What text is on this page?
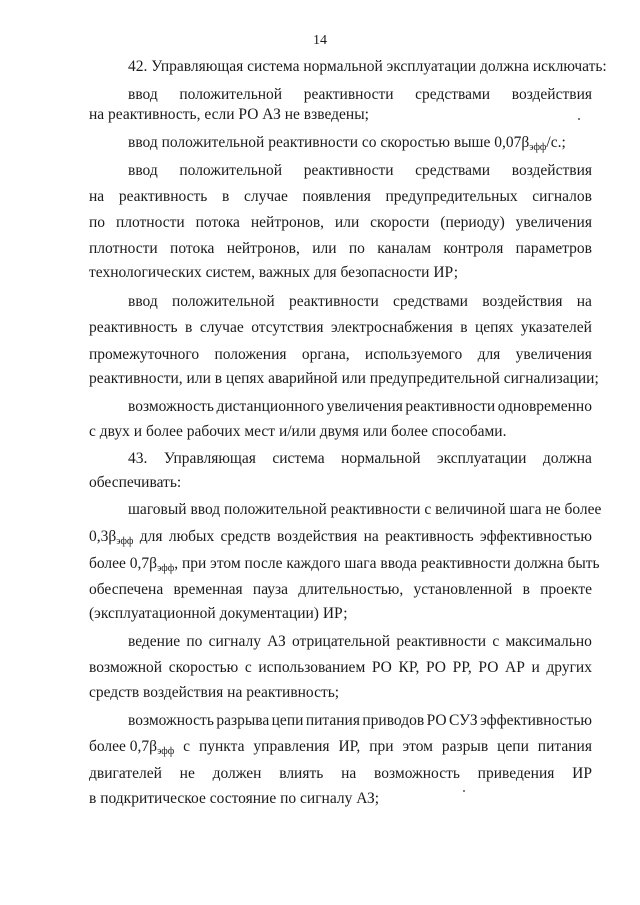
14
42. Управляющая система нормальной эксплуатации должна исключать:
ввод положительной реактивности средствами воздействия
на реактивность, если РО АЗ не взведены;
ввод положительной реактивности со скоростью выше $0,07\beta_{эфф}/с$.;
ввод положительной реактивности средствами воздействия
на реактивность в случае появления предупредительных сигналов
по плотности потока нейтронов, или скорости (периоду) увеличения
плотности потока нейтронов, или по каналам контроля параметров
технологических систем, важных для безопасности ИР;
ввод положительной реактивности средствами воздействия на
реактивность в случае отсутствия электроснабжения в цепях указателей
промежуточного положения органа, используемого для увеличения
реактивности, или в цепях аварийной или предупредительной сигнализации;
возможность дистанционного увеличения реактивности одновременно
с двух и более рабочих мест и/или двумя или более способами.
43. Управляющая система нормальной эксплуатации должна
обеспечивать:
шаговый ввод положительной реактивности с величиной шага не более
$0,3\beta_{эфф}$ для любых средств воздействия на реактивность эффективностью
более $0,7\beta_{эфф}$, при этом после каждого шага ввода реактивности должна быть
обеспечена временная пауза длительностью, установленной в проекте
(эксплуатационной документации) ИР;
ведение по сигналу АЗ отрицательной реактивности с максимально
возможной скоростью с использованием РО КР, РО РР, РО АР и других
средств воздействия на реактивность;
возможность разрыва цепи питания приводов РО СУЗ эффективностью
более $0,7\beta_{эфф}$ с пункта управления ИР, при этом разрыв цепи питания
двигателей не должен влиять на возможность приведения ИР
в подкритическое состояние по сигналу АЗ;
